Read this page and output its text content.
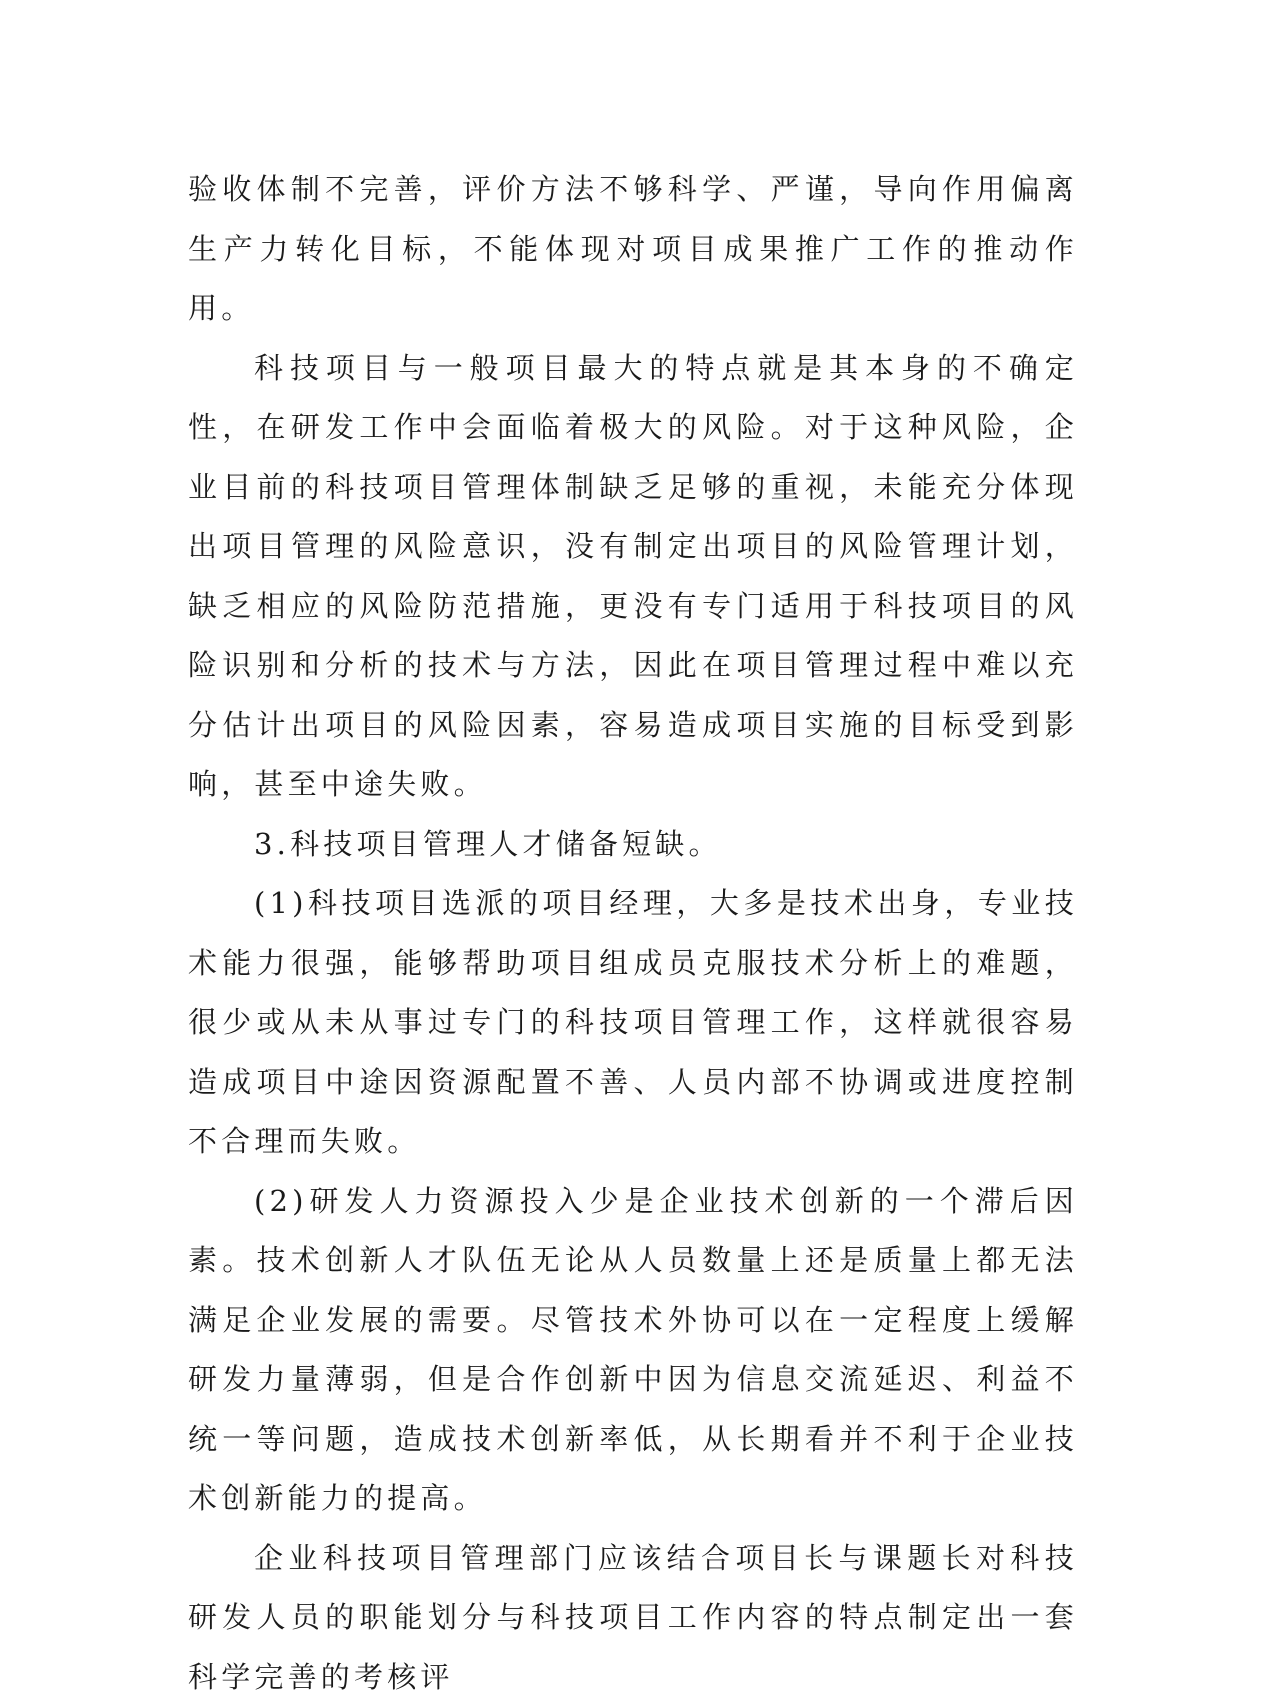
验收体制不完善，评价方法不够科学、严谨，导向作用偏离生产力转化目标，不能体现对项目成果推广工作的推动作用。

科技项目与一般项目最大的特点就是其本身的不确定性，在研发工作中会面临着极大的风险。对于这种风险，企业目前的科技项目管理体制缺乏足够的重视，未能充分体现出项目管理的风险意识，没有制定出项目的风险管理计划，缺乏相应的风险防范措施，更没有专门适用于科技项目的风险识别和分析的技术与方法，因此在项目管理过程中难以充分估计出项目的风险因素，容易造成项目实施的目标受到影响，甚至中途失败。

3.科技项目管理人才储备短缺。

(1)科技项目选派的项目经理，大多是技术出身，专业技术能力很强，能够帮助项目组成员克服技术分析上的难题，很少或从未从事过专门的科技项目管理工作，这样就很容易造成项目中途因资源配置不善、人员内部不协调或进度控制不合理而失败。

(2)研发人力资源投入少是企业技术创新的一个滞后因素。技术创新人才队伍无论从人员数量上还是质量上都无法满足企业发展的需要。尽管技术外协可以在一定程度上缓解研发力量薄弱，但是合作创新中因为信息交流延迟、利益不统一等问题，造成技术创新率低，从长期看并不利于企业技术创新能力的提高。

企业科技项目管理部门应该结合项目长与课题长对科技研发人员的职能划分与科技项目工作内容的特点制定出一套科学完善的考核评
